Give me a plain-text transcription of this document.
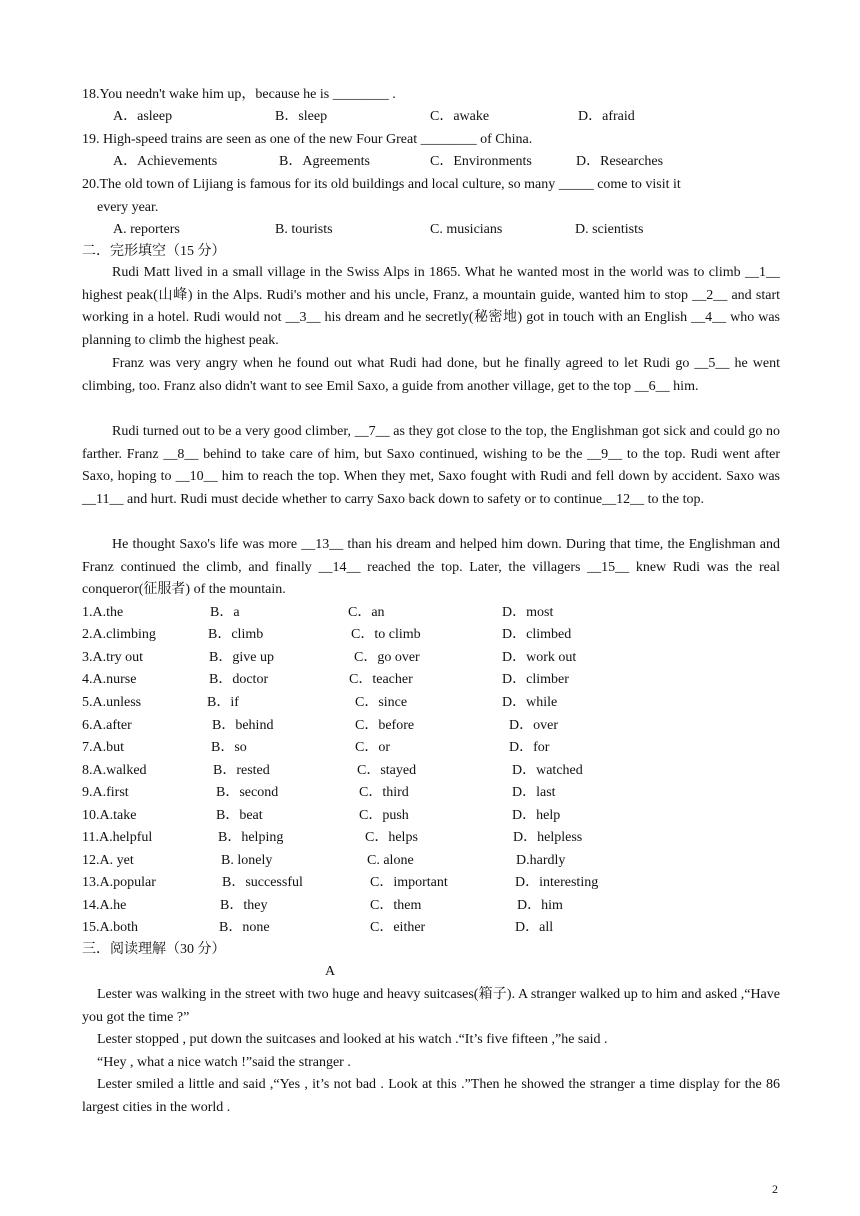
18.You needn't wake him up，because he is ________ .
A．asleep	B．sleep	C．awake	D．afraid
19. High-speed trains are seen as one of the new Four Great ________ of China.
A．Achievements	B．Agreements	C．Environments	D．Researches
20.The old town of Lijiang is famous for its old buildings and local culture, so many _____ come to visit it
every year.
A. reporters	B. tourists	C. musicians	D. scientists
二．完形填空（15 分）

Rudi Matt lived in a small village in the Swiss Alps in 1865. What he wanted most in the world was to climb __1__ highest peak(山峰) in the Alps. Rudi's mother and his uncle, Franz, a mountain guide, wanted him to stop __2__ and start working in a hotel. Rudi would not __3__ his dream and he secretly(秘密地) got in touch with an English __4__ who was planning to climb the highest peak.

Franz was very angry when he found out what Rudi had done, but he finally agreed to let Rudi go __5__ he went climbing, too. Franz also didn't want to see Emil Saxo, a guide from another village, get to the top __6__ him.

Rudi turned out to be a very good climber, __7__ as they got close to the top, the Englishman got sick and could go no farther. Franz __8__ behind to take care of him, but Saxo continued, wishing to be the __9__ to the top. Rudi went after Saxo, hoping to __10__ him to reach the top. When they met, Saxo fought with Rudi and fell down by accident. Saxo was __11__ and hurt. Rudi must decide whether to carry Saxo back down to safety or to continue__12__ to the top.

He thought Saxo's life was more __13__ than his dream and helped him down. During that time, the Englishman and Franz continued the climb, and finally __14__ reached the top. Later, the villagers __15__ knew Rudi was the real conqueror(征服者) of the mountain.

1.A.the	B．a	C．an	D．most
2.A.climbing	B．climb	C．to climb	D．climbed
3.A.try out	B．give up	C．go over	D．work out
4.A.nurse	B．doctor	C．teacher	D．climber
5.A.unless	B．if	C．since	D．while
6.A.after	B．behind	C．before	D．over
7.A.but	B．so	C．or	D．for
8.A.walked	B．rested	C．stayed	D．watched
9.A.first	B．second	C．third	D．last
10.A.take	B．beat	C．push	D．help
11.A.helpful	B．helping	C．helps	D．helpless
12.A. yet	B. lonely	C. alone	D.hardly
13.A.popular	B．successful	C．important	D．interesting
14.A.he	B．they	C．them	D．him
15.A.both	B．none	C．either	D．all
三．阅读理解（30 分）
A

Lester was walking in the street with two huge and heavy suitcases(箱子). A stranger walked up to him and asked ,“Have you got the time ?”

Lester stopped , put down the suitcases and looked at his watch .“It’s five fifteen ,”he said .

“Hey , what a nice watch !”said the stranger .

Lester smiled a little and said ,“Yes , it’s not bad . Look at this .”Then he showed the stranger a time display for the 86 largest cities in the world .

2
